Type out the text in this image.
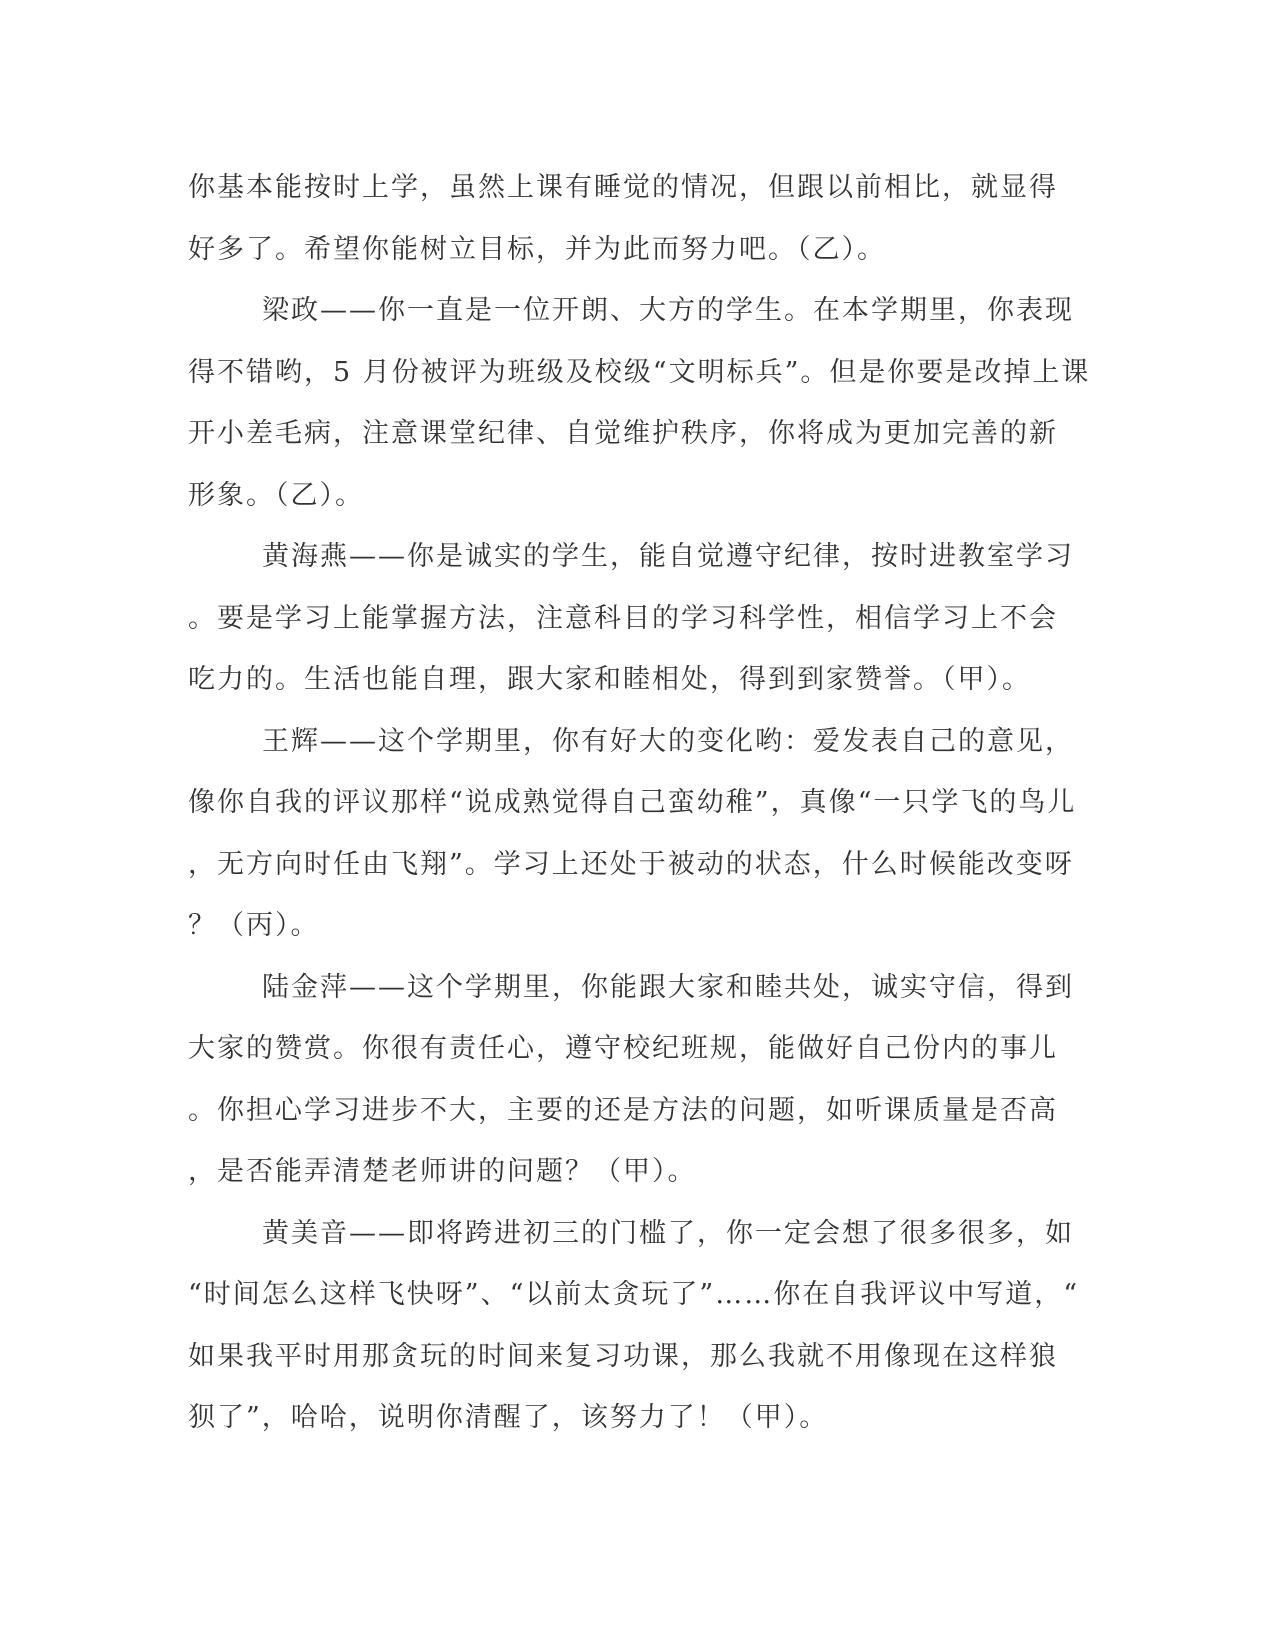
你基本能按时上学，虽然上课有睡觉的情况，但跟以前相比，就显得
好多了。希望你能树立目标，并为此而努力吧。（乙）。
梁政——你一直是一位开朗、大方的学生。在本学期里，你表现
得不错哟，5 月份被评为班级及校级“文明标兵”。但是你要是改掉上课
开小差毛病，注意课堂纪律、自觉维护秩序，你将成为更加完善的新
形象。（乙）。
黄海燕——你是诚实的学生，能自觉遵守纪律，按时进教室学习
。要是学习上能掌握方法，注意科目的学习科学性，相信学习上不会
吃力的。生活也能自理，跟大家和睦相处，得到到家赞誉。（甲）。
王辉——这个学期里，你有好大的变化哟：爱发表自己的意见，
像你自我的评议那样“说成熟觉得自己蛮幼稚”，真像“一只学飞的鸟儿
，无方向时任由飞翔”。学习上还处于被动的状态，什么时候能改变呀
？（丙）。
陆金萍——这个学期里，你能跟大家和睦共处，诚实守信，得到
大家的赞赏。你很有责任心，遵守校纪班规，能做好自己份内的事儿
。你担心学习进步不大，主要的还是方法的问题，如听课质量是否高
，是否能弄清楚老师讲的问题？（甲）。
黄美音——即将跨进初三的门槛了，你一定会想了很多很多，如
“时间怎么这样飞快呀”、“以前太贪玩了”……你在自我评议中写道，“
如果我平时用那贪玩的时间来复习功课，那么我就不用像现在这样狼
狈了”，哈哈，说明你清醒了，该努力了！（甲）。
